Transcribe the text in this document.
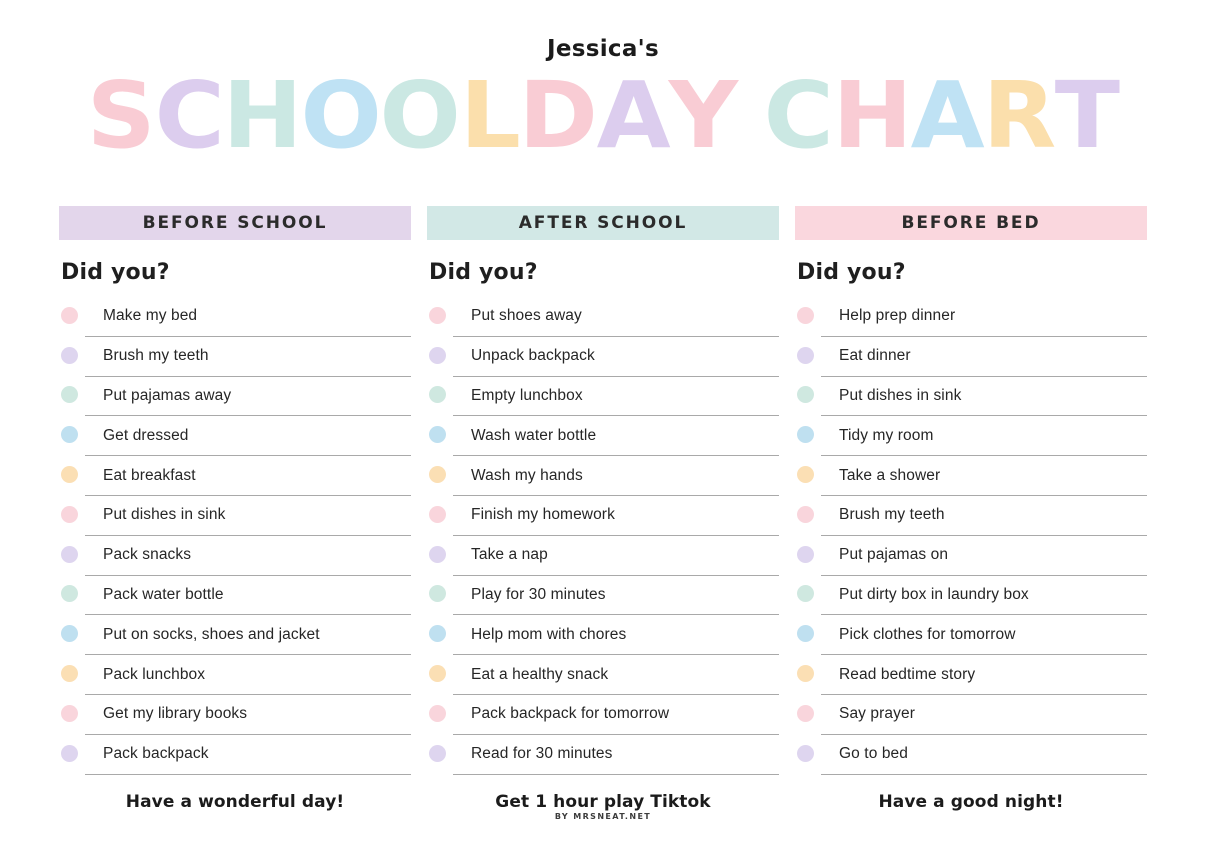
Jessica's
S C H
O
O L D A Y C H A R T
BEFORE SCHOOL
Did you?
Make my bed
Brush my teeth
Put pajamas away
Get dressed
Eat breakfast
Put dishes in sink
Pack snacks
Pack water bottle
Put on socks, shoes and jacket
Pack lunchbox
Get my library books
Pack backpack
Have a wonderful day!
AFTER SCHOOL
Did you?
Put shoes away
Unpack backpack
Empty lunchbox
Wash water bottle
Wash my hands
Finish my homework
Take a nap
Play for 30 minutes
Help mom with chores
Eat a healthy snack
Pack backpack for tomorrow
Read for 30 minutes
Get 1 hour play Tiktok
BEFORE BED
Did you?
Help prep dinner
Eat dinner
Put dishes in sink
Tidy my room
Take a shower
Brush my teeth
Put pajamas on
Put dirty box in laundry box
Pick clothes for tomorrow
Read bedtime story
Say prayer
Go to bed
Have a good night!
BY MRSNEAT.NET
